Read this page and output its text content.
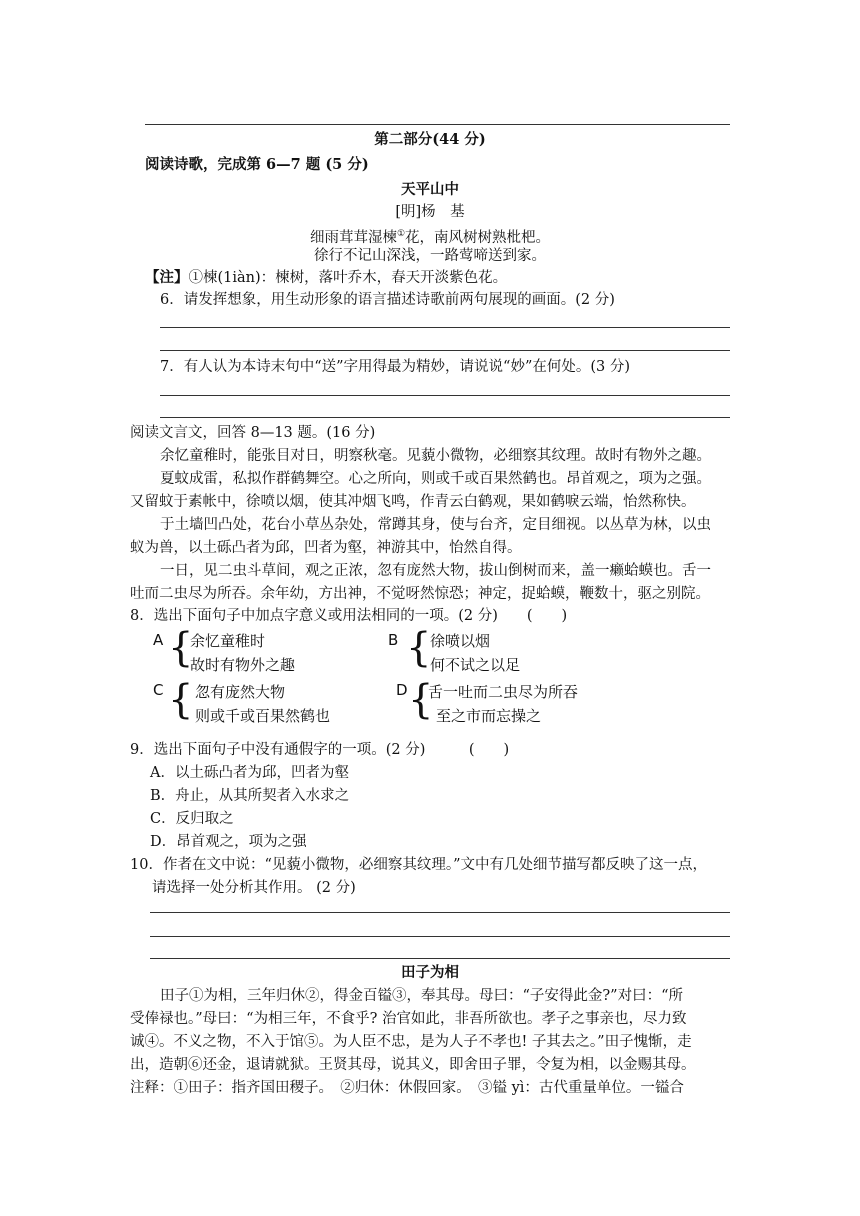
第二部分(44 分)
阅读诗歌，完成第 6—7 题 (5 分)
天平山中
[明]杨　基
细雨茸茸湿楝①花，南风树树熟枇杷。
徐行不记山深浅，一路莺啼送到家。
【注】①楝(1iàn)：楝树，落叶乔木，春天开淡紫色花。
6．请发挥想象，用生动形象的语言描述诗歌前两句展现的画面。(2 分)
7．有人认为本诗末句中“送”字用得最为精妙，请说说“妙”在何处。(3 分)
阅读文言文，回答 8—13 题。(16 分)
余忆童稚时，能张目对日，明察秋毫。见藐小微物，必细察其纹理。故时有物外之趣。
夏蚊成雷，私拟作群鹤舞空。心之所向，则或千或百果然鹤也。昂首观之，项为之强。
又留蚊于素帐中，徐喷以烟，使其冲烟飞鸣，作青云白鹤观，果如鹤唳云端，怡然称快。
于土墙凹凸处，花台小草丛杂处，常蹲其身，使与台齐，定目细视。以丛草为林，以虫
蚁为兽，以土砾凸者为邱，凹者为壑，神游其中，怡然自得。
一日，见二虫斗草间，观之正浓，忽有庞然大物，拔山倒树而来，盖一癞蛤蟆也。舌一
吐而二虫尽为所吞。余年幼，方出神，不觉呀然惊恐；神定，捉蛤蟆，鞭数十，驱之别院。
8．选出下面句子中加点字意义或用法相同的一项。(2 分)　　(　　)
A {
余忆童稚时
故时有物外之趣
B {
徐喷以烟
何不试之以足
C { 忽有庞然大物
则或千或百果然鹤也
D {
舌一吐而二虫尽为所吞
至之市而忘操之
9．选出下面句子中没有通假字的一项。(2 分)　　　(　　)
A．以土砾凸者为邱，凹者为壑
B．舟止，从其所契者入水求之
C．反归取之
D．昂首观之，项为之强
10．作者在文中说：“见藐小微物，必细察其纹理。”文中有几处细节描写都反映了这一点，
请选择一处分析其作用。 (2 分)
田子为相
田子①为相，三年归休②，得金百镒③，奉其母。母曰：“子安得此金?”对曰：“所
受俸禄也。”母曰：“为相三年，不食乎? 治官如此，非吾所欲也。孝子之事亲也，尽力致
诚④。不义之物，不入于馆⑤。为人臣不忠，是为人子不孝也! 子其去之。”田子愧惭，走
出，造朝⑥还金，退请就狱。王贤其母，说其义，即舍田子罪，令复为相，以金赐其母。
注释：①田子：指齐国田稷子。　②归休：休假回家。　③镒 yì：古代重量单位。一镒合
